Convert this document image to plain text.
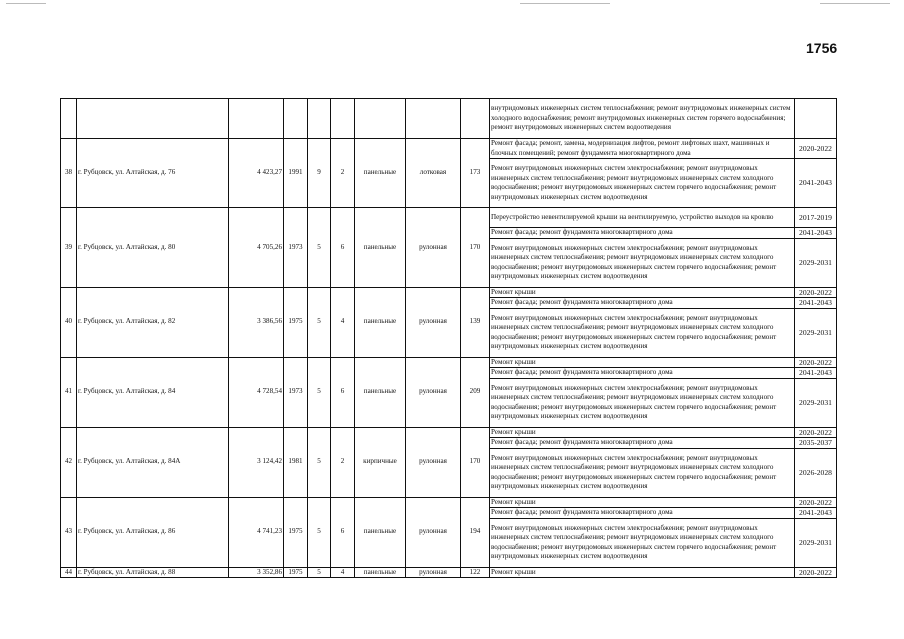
1756
									внутридомовых инженерных систем теплоснабжения; ремонт внутридомовых инженерных систем холодного водоснабжения; ремонт внутридомовых инженерных систем горячего водоснабжения; ремонт внутридомовых инженерных систем водоотведения	
38	г. Рубцовск, ул. Алтайская, д. 76	4 423,27	1991	9	2	панельные	лотковая	173	Ремонт фасада; ремонт, замена, модернизация лифтов, ремонт лифтовых шахт, машинных и блочных помещений; ремонт фундамента многоквартирного дома	2020-2022
									Ремонт внутридомовых инженерных систем электроснабжения; ремонт внутридомовых инженерных систем теплоснабжения; ремонт внутридомовых инженерных систем холодного водоснабжения; ремонт внутридомовых инженерных систем горячего водоснабжения; ремонт внутридомовых инженерных систем водоотведения	2041-2043
39	г. Рубцовск, ул. Алтайская, д. 80	4 705,26	1973	5	6	панельные	рулонная	170	Переустройство невентилируемой крыши на вентилируемую, устройство выходов на кровлю	2017-2019
									Ремонт фасада; ремонт фундамента многоквартирного дома	2041-2043
									Ремонт внутридомовых инженерных систем электроснабжения; ремонт внутридомовых инженерных систем теплоснабжения; ремонт внутридомовых инженерных систем холодного водоснабжения; ремонт внутридомовых инженерных систем горячего водоснабжения; ремонт внутридомовых инженерных систем водоотведения	2029-2031
40	г. Рубцовск, ул. Алтайская, д. 82	3 386,56	1975	5	4	панельные	рулонная	139	Ремонт крыши	2020-2022
									Ремонт фасада; ремонт фундамента многоквартирного дома	2041-2043
									Ремонт внутридомовых инженерных систем электроснабжения; ремонт внутридомовых инженерных систем теплоснабжения; ремонт внутридомовых инженерных систем холодного водоснабжения; ремонт внутридомовых инженерных систем горячего водоснабжения; ремонт внутридомовых инженерных систем водоотведения	2029-2031
41	г. Рубцовск, ул. Алтайская, д. 84	4 728,54	1973	5	6	панельные	рулонная	209	Ремонт крыши	2020-2022
									Ремонт фасада; ремонт фундамента многоквартирного дома	2041-2043
									Ремонт внутридомовых инженерных систем электроснабжения; ремонт внутридомовых инженерных систем теплоснабжения; ремонт внутридомовых инженерных систем холодного водоснабжения; ремонт внутридомовых инженерных систем горячего водоснабжения; ремонт внутридомовых инженерных систем водоотведения	2029-2031
42	г. Рубцовск, ул. Алтайская, д. 84А	3 124,42	1981	5	2	кирпичные	рулонная	170	Ремонт крыши	2020-2022
									Ремонт фасада; ремонт фундамента многоквартирного дома	2035-2037
									Ремонт внутридомовых инженерных систем электроснабжения; ремонт внутридомовых инженерных систем теплоснабжения; ремонт внутридомовых инженерных систем холодного водоснабжения; ремонт внутридомовых инженерных систем горячего водоснабжения; ремонт внутридомовых инженерных систем водоотведения	2026-2028
43	г. Рубцовск, ул. Алтайская, д. 86	4 741,23	1975	5	6	панельные	рулонная	194	Ремонт крыши	2020-2022
									Ремонт фасада; ремонт фундамента многоквартирного дома	2041-2043
									Ремонт внутридомовых инженерных систем электроснабжения; ремонт внутридомовых инженерных систем теплоснабжения; ремонт внутридомовых инженерных систем холодного водоснабжения; ремонт внутридомовых инженерных систем горячего водоснабжения; ремонт внутридомовых инженерных систем водоотведения	2029-2031
44	г. Рубцовск, ул. Алтайская, д. 88	3 352,86	1975	5	4	панельные	рулонная	122	Ремонт крыши	2020-2022
